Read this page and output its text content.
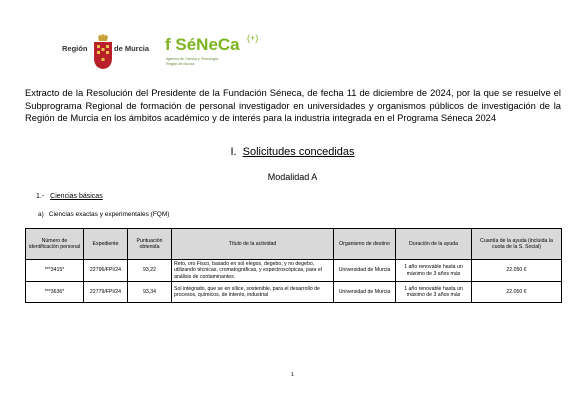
Región	de Murcia f SéNeCa (+)
Agencia de Ciencia y Tecnología
Región de Murcia
Extracto de la Resolución del Presidente de la Fundación Séneca, de fecha 11 de diciembre de 2024, por la que se resuelve el Subprograma Regional de formación de personal investigador en universidades y organismos públicos de investigación de la Región de Murcia en los ámbitos académico y de interés para la industria integrada en el Programa Séneca 2024
I. Solicitudes concedidas
Modalidad A
1.- Ciencias básicas
a) Ciencias exactas y experimentales (FQM)
Número de identificación personal	Expediente	Puntuación obtenida	Título de la actividad	Organismo de destino	Duración de la ayuda	Cuantía de la ayuda (incluida la cuota de la S. Social)
***3415*	22796/FPI/24	93,22	Reto, oro Fisco, basado en sol elegos, degebo, y no degebo, utilizando técnicas, cromatográficas, y espectroscópicas, para el análisis de contaminantes.	Universidad de Murcia	1 año renovable hasta un máximo de 3 años más	22.050 €
***3636*	22779/FPI/24	93,34	Sol integrado, que se en sílice, sostenible, para el desarrollo de procesos, químicos, de interés, industrial	Universidad de Murcia	1 año renovable hasta un máximo de 3 años más	22.050 €
1
